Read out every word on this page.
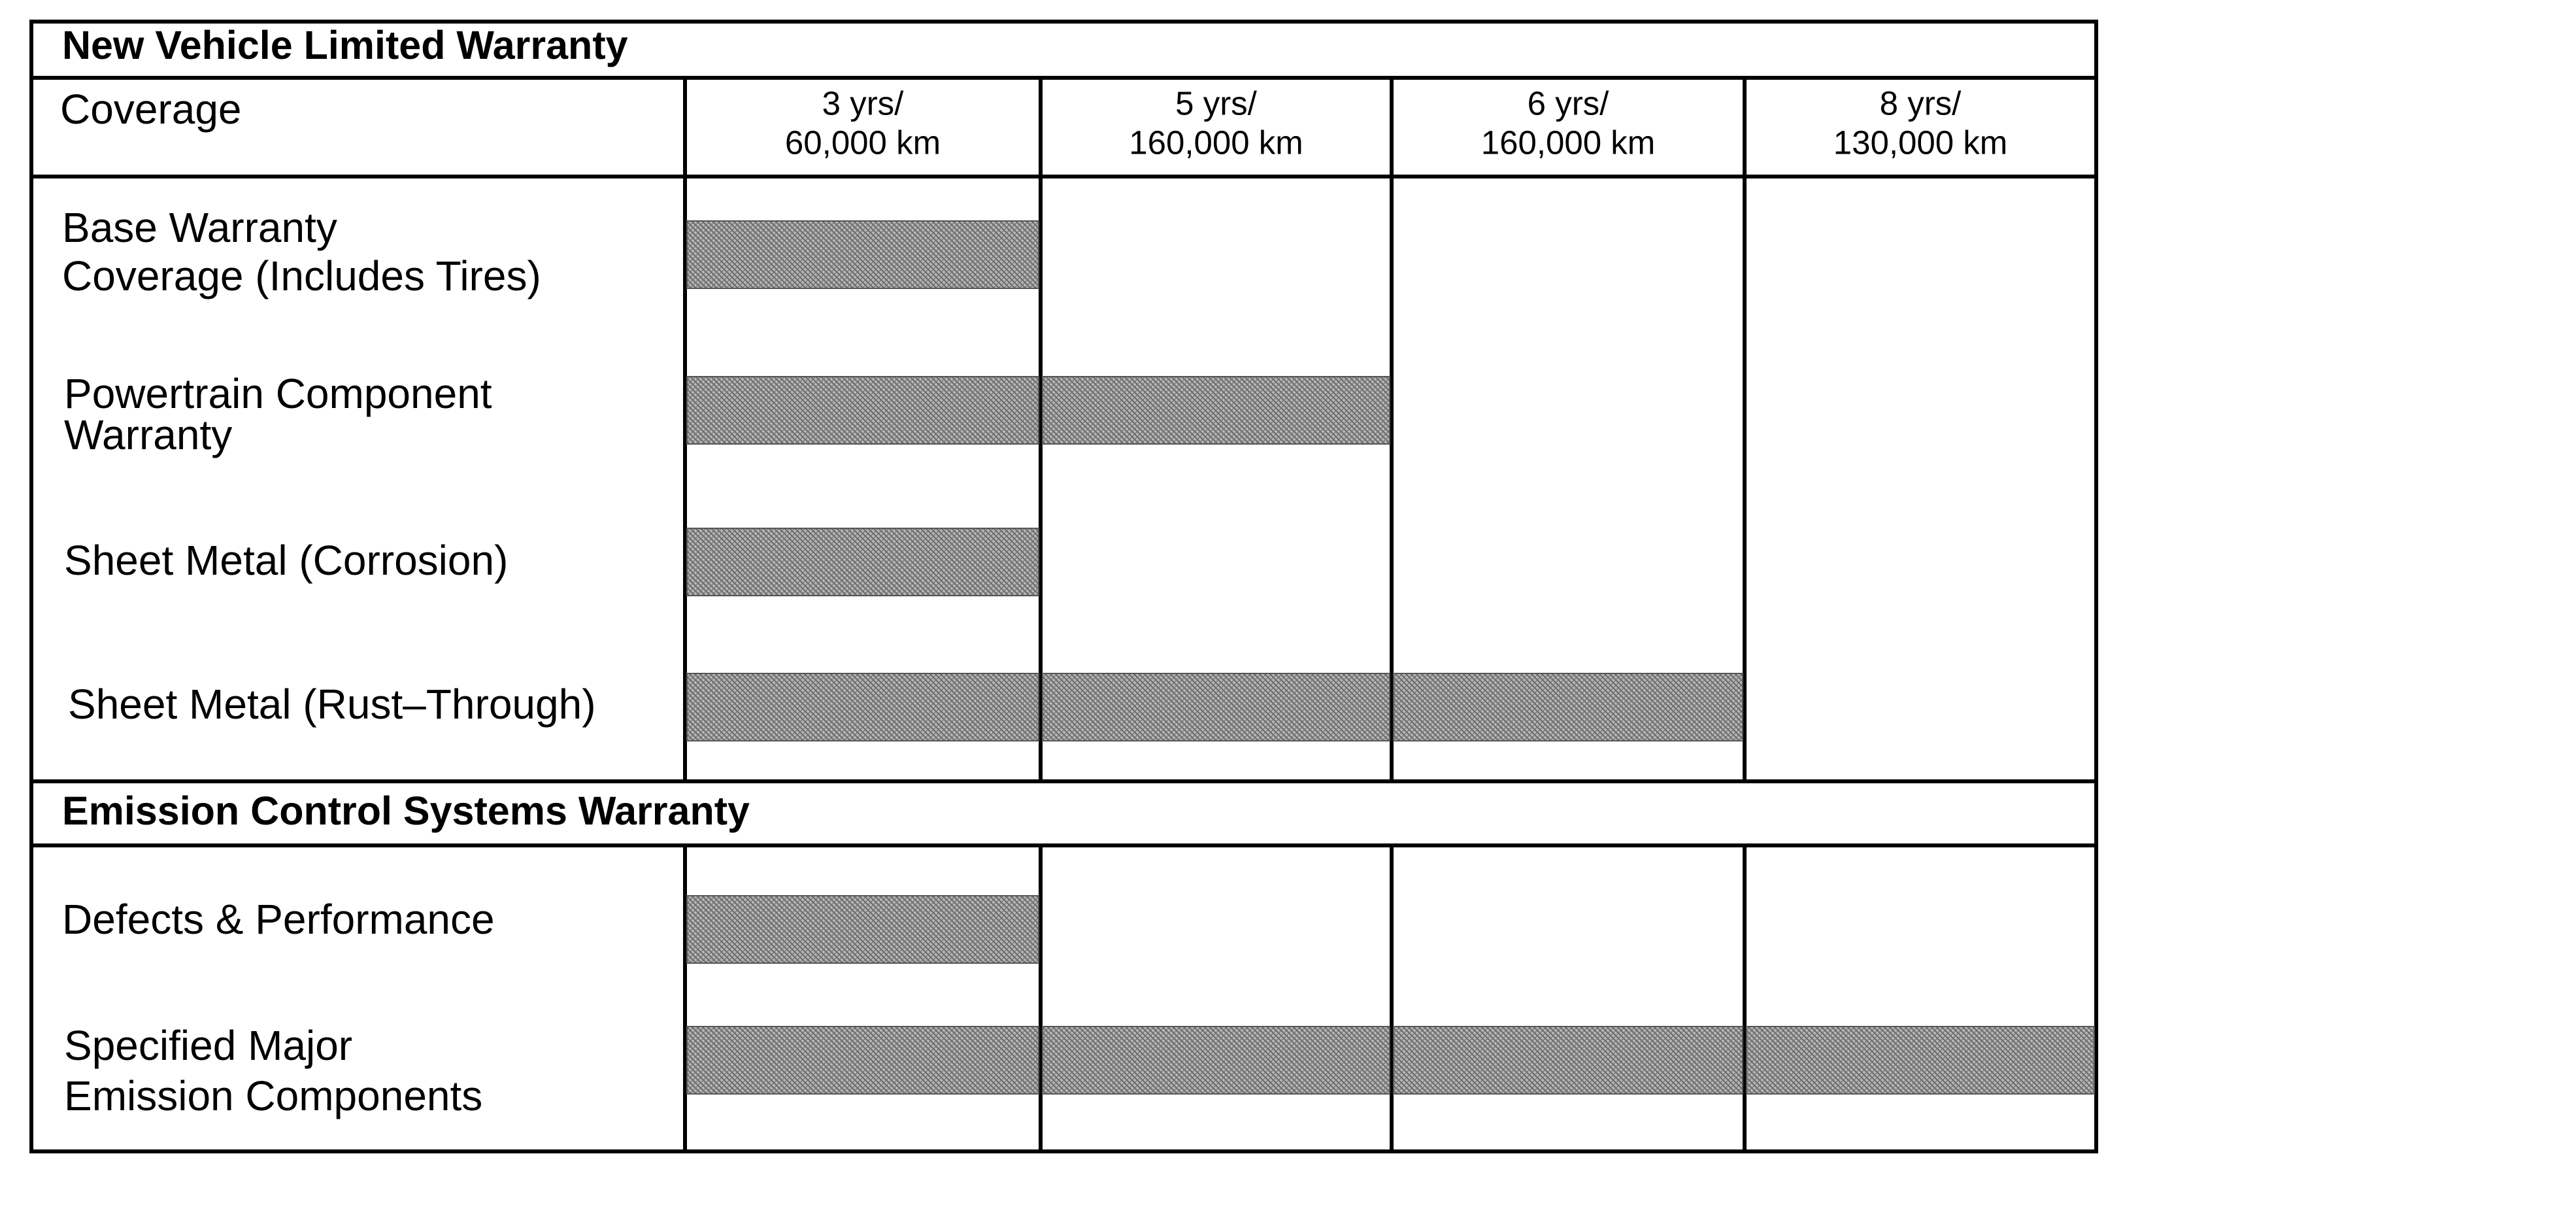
New Vehicle Limited Warranty
Emission Control Systems Warranty
Coverage	3 yrs/
60,000 km
5 yrs/
160,000 km
6 yrs/
160,000 km
8 yrs/
130,000 km
Base Warranty
Coverage (Includes Tires)
Powertrain Component
Warranty
Sheet Metal (Corrosion)
Sheet Metal (Rust–Through)
Defects & Performance
Specified Major
Emission Components
